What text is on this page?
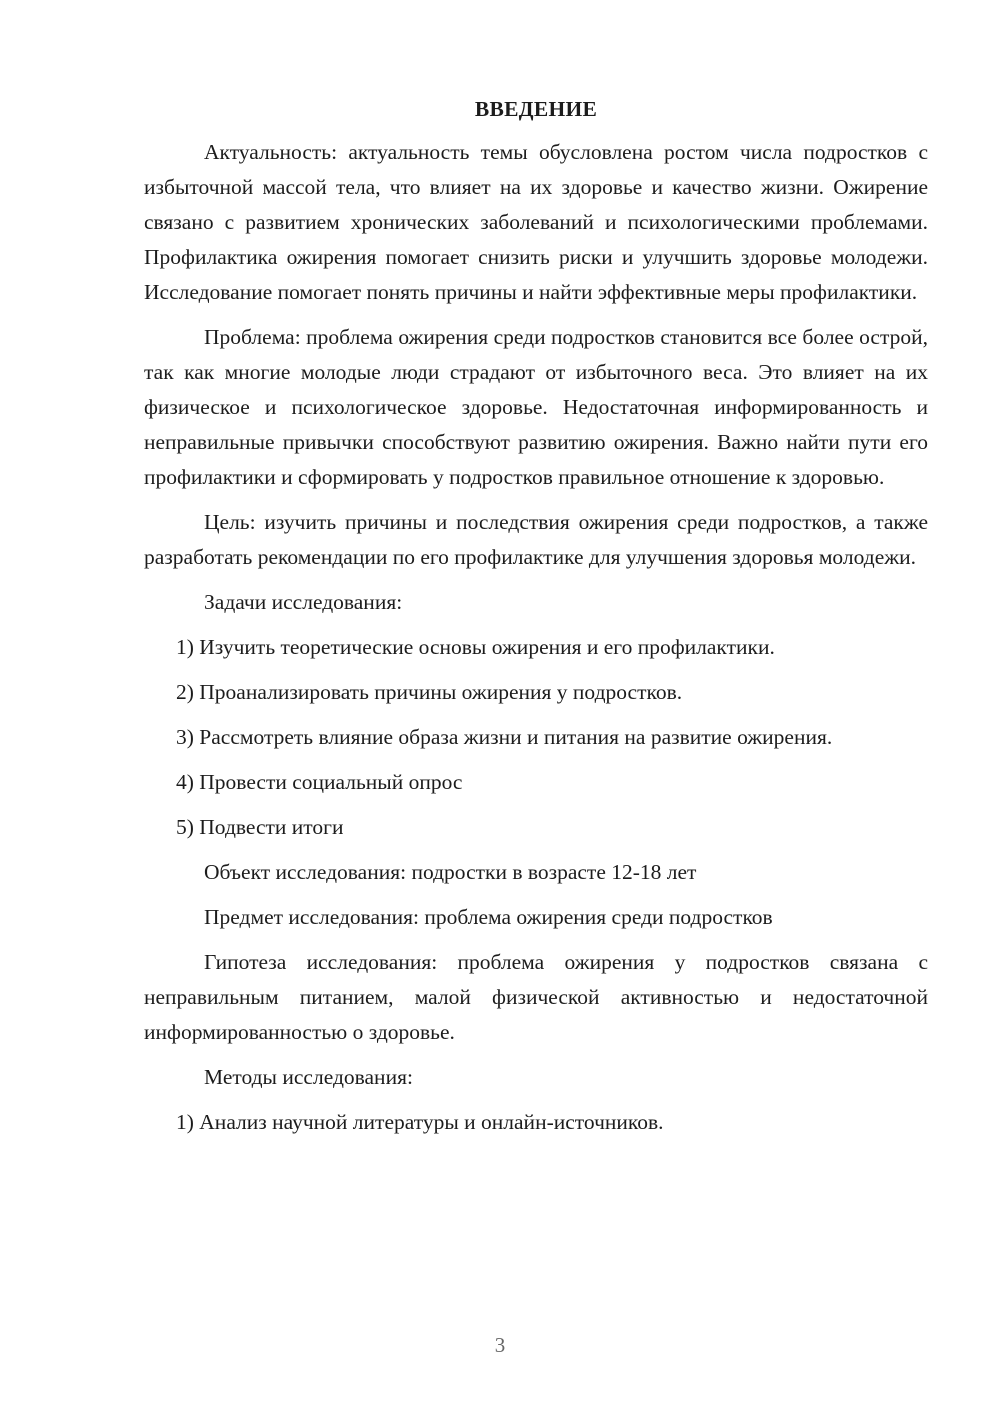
ВВЕДЕНИЕ

Актуальность: актуальность темы обусловлена ростом числа подростков с избыточной массой тела, что влияет на их здоровье и качество жизни. Ожирение связано с развитием хронических заболеваний и психологическими проблемами. Профилактика ожирения помогает снизить риски и улучшить здоровье молодежи. Исследование помогает понять причины и найти эффективные меры профилактики.

Проблема: проблема ожирения среди подростков становится все более острой, так как многие молодые люди страдают от избыточного веса. Это влияет на их физическое и психологическое здоровье. Недостаточная информированность и неправильные привычки способствуют развитию ожирения. Важно найти пути его профилактики и сформировать у подростков правильное отношение к здоровью.

Цель: изучить причины и последствия ожирения среди подростков, а также разработать рекомендации по его профилактике для улучшения здоровья молодежи.

Задачи исследования:

1) Изучить теоретические основы ожирения и его профилактики.

2) Проанализировать причины ожирения у подростков.

3) Рассмотреть влияние образа жизни и питания на развитие ожирения.

4) Провести социальный опрос

5) Подвести итоги

Объект исследования: подростки в возрасте 12-18 лет

Предмет исследования: проблема ожирения среди подростков

Гипотеза исследования: проблема ожирения у подростков связана с неправильным питанием, малой физической активностью и недостаточной информированностью о здоровье.

Методы исследования:

1) Анализ научной литературы и онлайн-источников.

3
